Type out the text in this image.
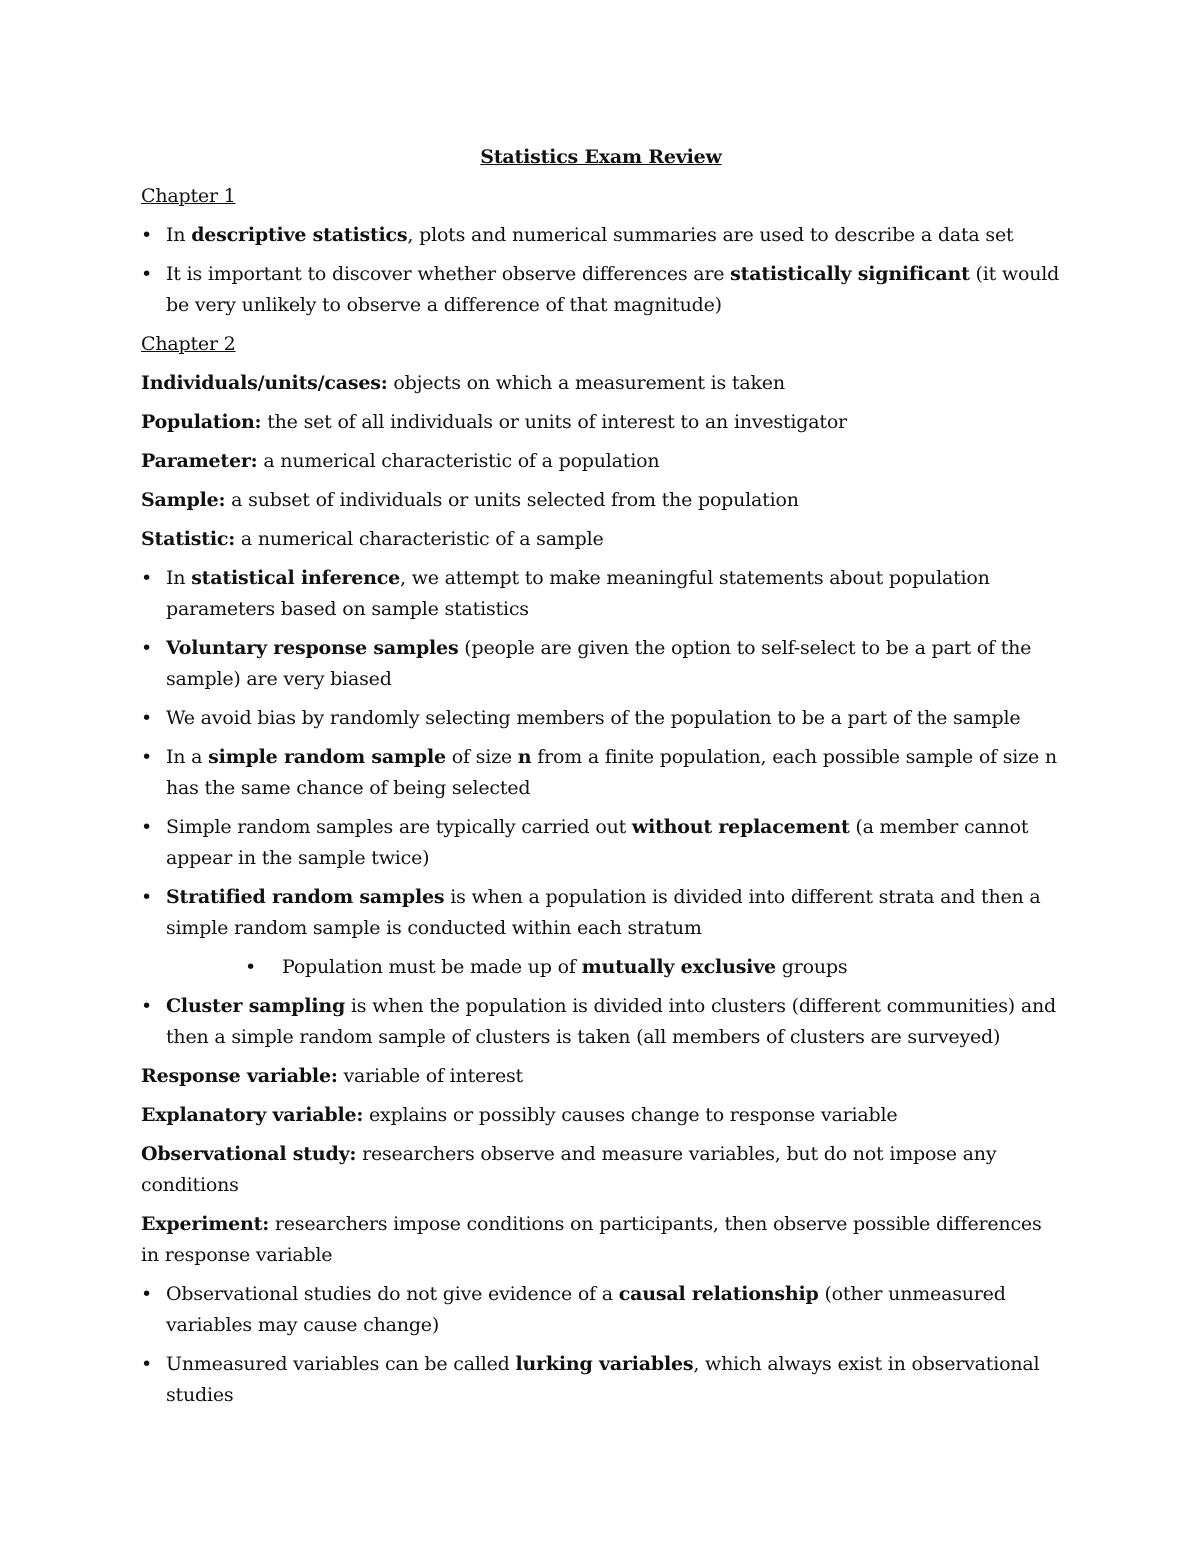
Statistics Exam Review
Chapter 1
• In descriptive statistics, plots and numerical summaries are used to describe a data set
• It is important to discover whether observe differences are statistically significant (it would be very unlikely to observe a difference of that magnitude)
Chapter 2
Individuals/units/cases: objects on which a measurement is taken
Population: the set of all individuals or units of interest to an investigator
Parameter: a numerical characteristic of a population
Sample: a subset of individuals or units selected from the population
Statistic: a numerical characteristic of a sample
• In statistical inference, we attempt to make meaningful statements about population parameters based on sample statistics
• Voluntary response samples (people are given the option to self-select to be a part of the sample) are very biased
• We avoid bias by randomly selecting members of the population to be a part of the sample
• In a simple random sample of size n from a finite population, each possible sample of size n has the same chance of being selected
• Simple random samples are typically carried out without replacement (a member cannot appear in the sample twice)
• Stratified random samples is when a population is divided into different strata and then a simple random sample is conducted within each stratum
•	Population must be made up of mutually exclusive groups
• Cluster sampling is when the population is divided into clusters (different communities) and then a simple random sample of clusters is taken (all members of clusters are surveyed)
Response variable: variable of interest
Explanatory variable: explains or possibly causes change to response variable
Observational study: researchers observe and measure variables, but do not impose any conditions
Experiment: researchers impose conditions on participants, then observe possible differences in response variable
• Observational studies do not give evidence of a causal relationship (other unmeasured variables may cause change)
• Unmeasured variables can be called lurking variables, which always exist in observational studies
